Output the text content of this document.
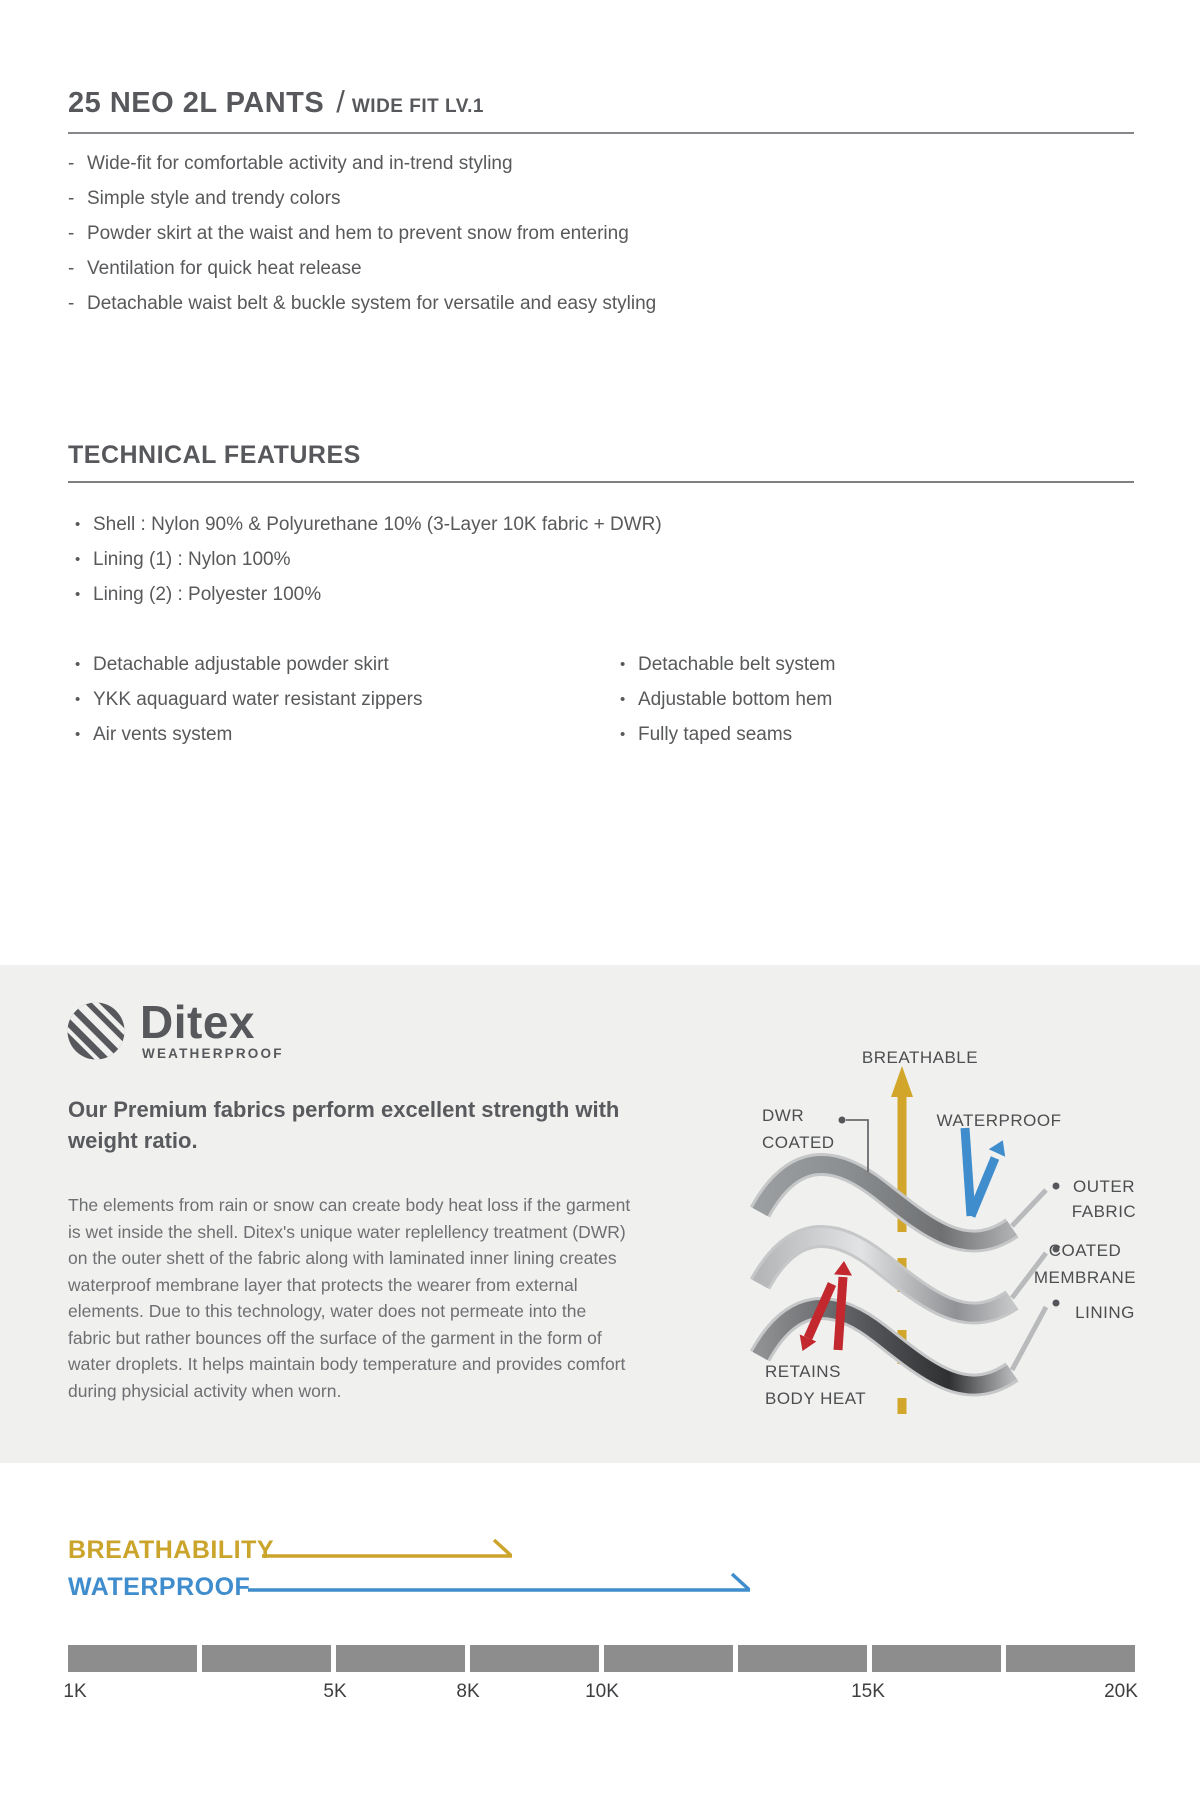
25 NEO 2L PANTS / WIDE FIT LV.1
- Wide-fit for comfortable activity and in-trend styling
- Simple style and trendy colors
- Powder skirt at the waist and hem to prevent snow from entering
- Ventilation for quick heat release
- Detachable waist belt & buckle system for versatile and easy styling
TECHNICAL FEATURES
• Shell : Nylon 90% & Polyurethane 10% (3-Layer 10K fabric + DWR)
• Lining (1) : Nylon 100%
• Lining (2) : Polyester 100%
• Detachable adjustable powder skirt
• YKK aquaguard water resistant zippers
• Air vents system
• Detachable belt system
• Adjustable bottom hem
• Fully taped seams
Ditex
WEATHERPROOF
Our Premium fabrics perform excellent strength with weight ratio.

The elements from rain or snow can create body heat loss if the garment is wet inside the shell. Ditex's unique water replellency treatment (DWR) on the outer shett of the fabric along with laminated inner lining creates waterproof membrane layer that protects the wearer from external elements. Due to this technology, water does not permeate into the fabric but rather bounces off the surface of the garment in the form of water droplets. It helps maintain body temperature and provides comfort during physicial activity when worn.

BREATHABLE
DWR
COATED
WATERPROOF
OUTER
FABRIC
COATED
MEMBRANE
LINING
RETAINS
BODY HEAT
BREATHABILITY
WATERPROOF
1K	5K	8K	10K	15K	20K
